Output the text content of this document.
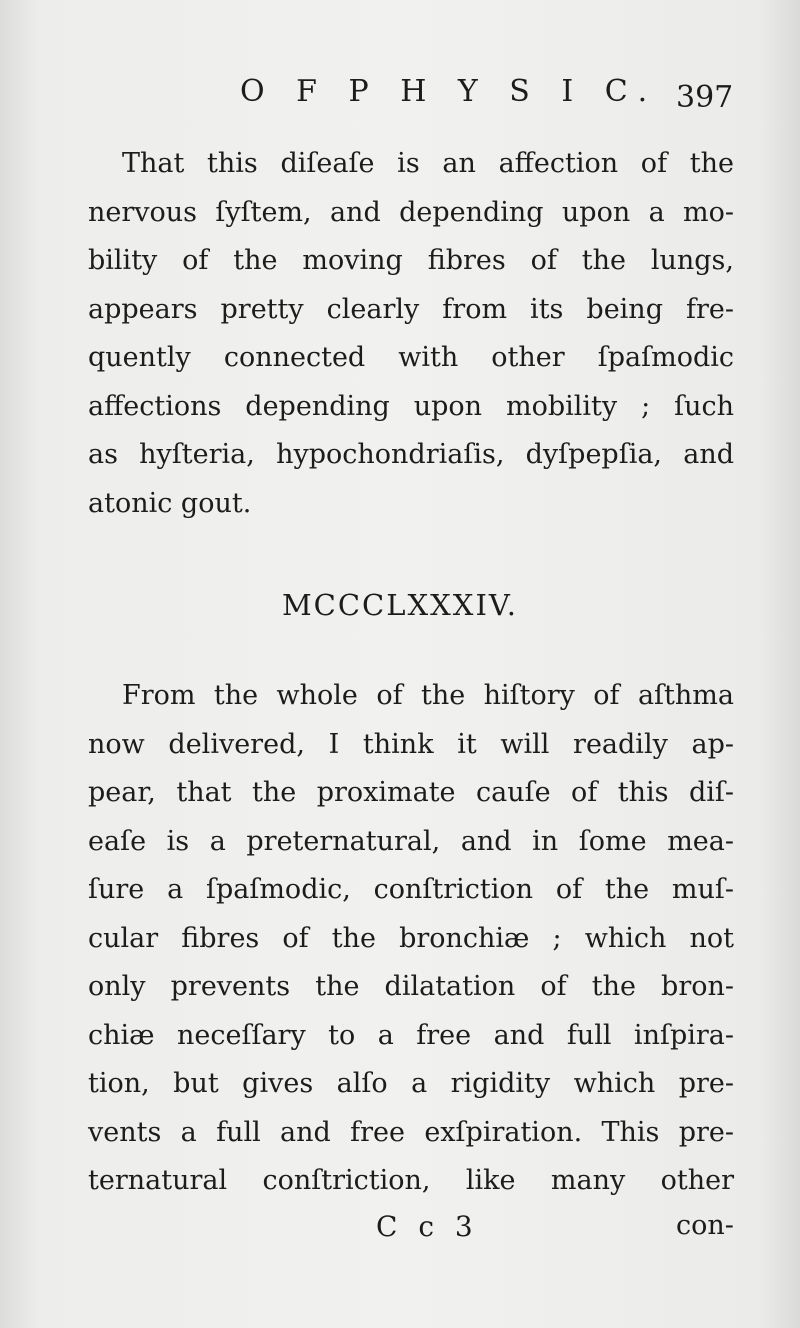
O F P H Y S I C. 397
That this diſeaſe is an affection of the
nervous ſyſtem, and depending upon a mo-
bility of the moving fibres of the lungs,
appears pretty clearly from its being fre-
quently connected with other ſpaſmodic
affections depending upon mobility ; ſuch
as hyſteria, hypochondriaſis, dyſpepſia, and
atonic gout.
MCCCLXXXIV.
From the whole of the hiſtory of aſthma
now delivered, I think it will readily ap-
pear, that the proximate cauſe of this diſ-
eaſe is a preternatural, and in ſome mea-
ſure a ſpaſmodic, conſtriction of the muſ-
cular fibres of the bronchiæ ; which not
only prevents the dilatation of the bron-
chiæ neceſſary to a free and full inſpira-
tion, but gives alſo a rigidity which pre-
vents a full and free exſpiration. This pre-
ternatural conſtriction, like many other
C c 3	con-
